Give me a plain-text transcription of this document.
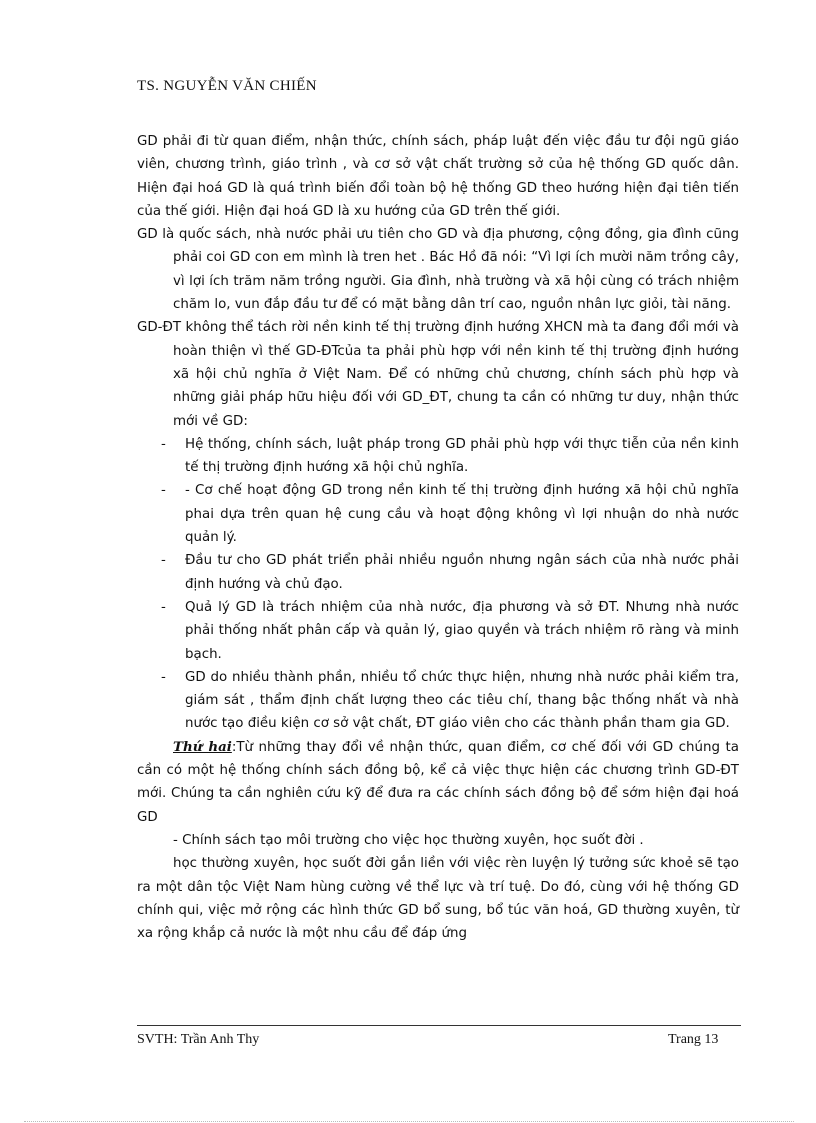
TS. NGUYỄN VĂN CHIẾN

GD phải đi từ quan điểm, nhận thức, chính sách, pháp luật đến việc đầu tư đội ngũ giáo viên, chương trình, giáo trình , và cơ sở vật chất trường sở của hệ thống GD quốc dân. Hiện đại hoá GD là quá trình biến đổi toàn bộ hệ thống GD theo hướng hiện đại tiên tiến của thế giới. Hiện đại hoá GD là xu hướng của GD trên thế giới.

GD là quốc sách, nhà nước phải ưu tiên cho GD và địa phương, cộng đồng, gia đình cũng phải coi GD con em mình là tren het . Bác Hồ đã nói: “Vì lợi ích mười năm trồng cây, vì lợi ích trăm năm trồng người. Gia đình, nhà trường và xã hội cùng có trách nhiệm chăm lo, vun đắp đầu tư để có mặt bằng dân trí cao, nguồn nhân lực giỏi, tài năng.

GD-ĐT không thể tách rời nền kinh tế thị trường định hướng XHCN mà ta đang đổi mới và hoàn thiện vì thế GD-ĐTcủa ta phải phù hợp với nền kinh tế thị trường định hướng xã hội chủ nghĩa ở Việt Nam. Để có những chủ chương, chính sách phù hợp và những giải pháp hữu hiệu đối với GD_ĐT, chung ta cần có những tư duy, nhận thức mới về GD:

- Hệ thống, chính sách, luật pháp trong GD phải phù hợp với thực tiễn của nền kinh tế thị trường định hướng xã hội chủ nghĩa.
- - Cơ chế hoạt động GD trong nền kinh tế thị trường định hướng xã hội chủ nghĩa phai dựa trên quan hệ cung cầu và hoạt động không vì lợi nhuận do nhà nước quản lý.
- Đầu tư cho GD phát triển phải nhiều nguồn nhưng ngân sách của nhà nước phải định hướng và chủ đạo.
- Quả lý GD là trách nhiệm của nhà nước, địa phương và sở ĐT. Nhưng nhà nước phải thống nhất phân cấp và quản lý, giao quyền và trách nhiệm rõ ràng và minh bạch.
- GD do nhiều thành phần, nhiều tổ chức thực hiện, nhưng nhà nước phải kiểm tra, giám sát , thẩm định chất lượng theo các tiêu chí, thang bậc thống nhất và nhà nước tạo điều kiện cơ sở vật chất, ĐT giáo viên cho các thành phần tham gia GD.

Thứ hai:Từ những thay đổi về nhận thức, quan điểm, cơ chế đối với GD chúng ta cần có một hệ thống chính sách đồng bộ, kể cả việc thực hiện các chương trình GD-ĐT mới. Chúng ta cần nghiên cứu kỹ để đưa ra các chính sách đồng bộ để sớm hiện đại hoá GD

- Chính sách tạo môi trường cho việc học thường xuyên, học suốt đời .

học thường xuyên, học suốt đời gắn liền với việc rèn luyện lý tưởng sức khoẻ sẽ tạo ra một dân tộc Việt Nam hùng cường về thể lực và trí tuệ. Do đó, cùng với hệ thống GD chính qui, việc mở rộng các hình thức GD bổ sung, bổ túc văn hoá, GD thường xuyên, từ xa rộng khắp cả nước là một nhu cầu để đáp ứng

SVTH: Trần Anh Thy	Trang 13
